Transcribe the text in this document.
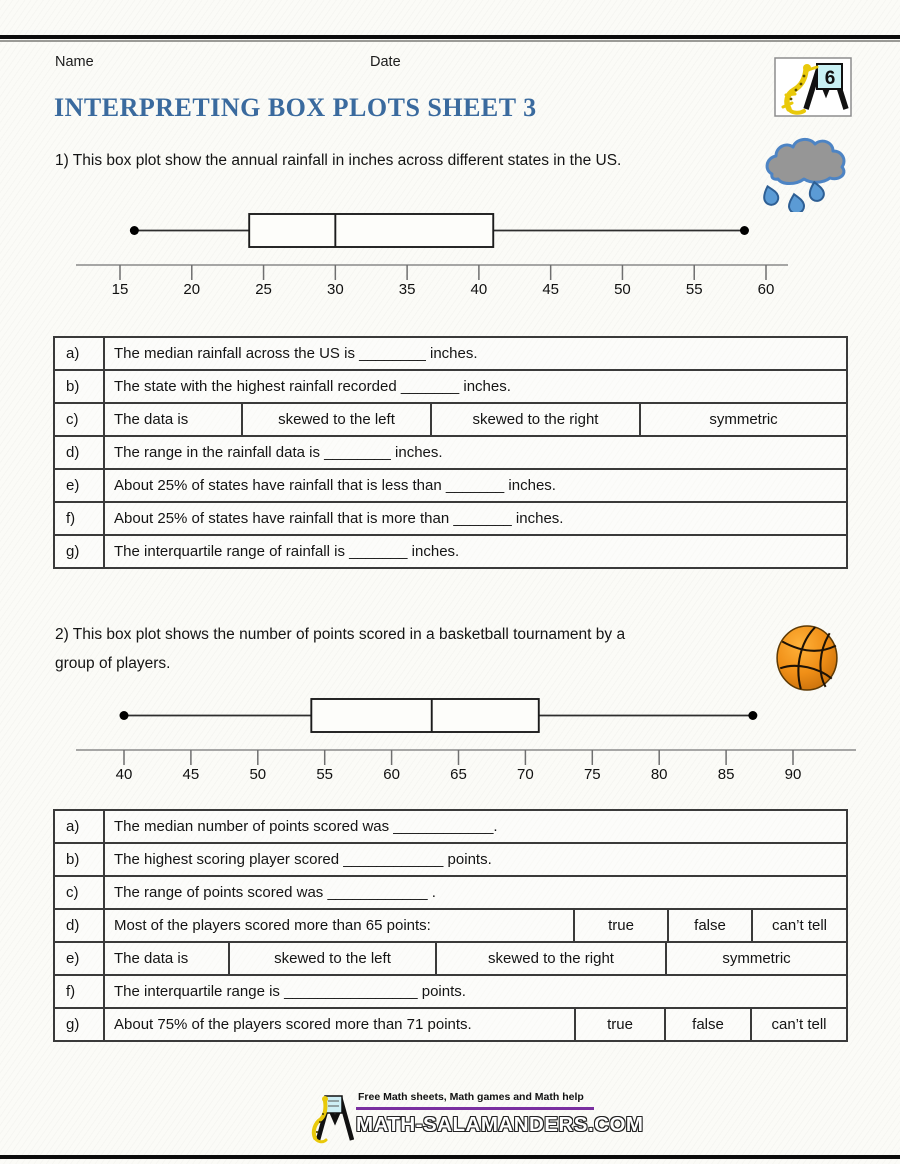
Name	Date
6
INTERPRETING BOX PLOTS SHEET 3
1) This box plot show the annual rainfall in inches across different states in the US.
15	20	25	30	35	40	45	50	55	60
a)	The median rainfall across the US is ________ inches.
b)	The state with the highest rainfall recorded _______ inches.
c)	The data is	skewed to the left	skewed to the right	symmetric
d)	The range in the rainfall data is ________ inches.
e)	About 25% of states have rainfall that is less than _______ inches.
f)	About 25% of states have rainfall that is more than _______ inches.
g)	The interquartile range of rainfall is _______ inches.
2) This box plot shows the number of points scored in a basketball tournament by a
group of players.
40	45	50	55	60	65	70	75	80	85	90
a)	The median number of points scored was ____________.
b)	The highest scoring player scored ____________ points.
c)	The range of points scored was ____________ .
d)	Most of the players scored more than 65 points:	true	false	can’t tell
e)	The data is	skewed to the left	skewed to the right	symmetric
f)	The interquartile range is ________________ points.
g)	About 75% of the players scored more than 71 points.	true	false	can’t tell
Free Math sheets, Math games and Math help
MATH-SALAMANDERS.COM
